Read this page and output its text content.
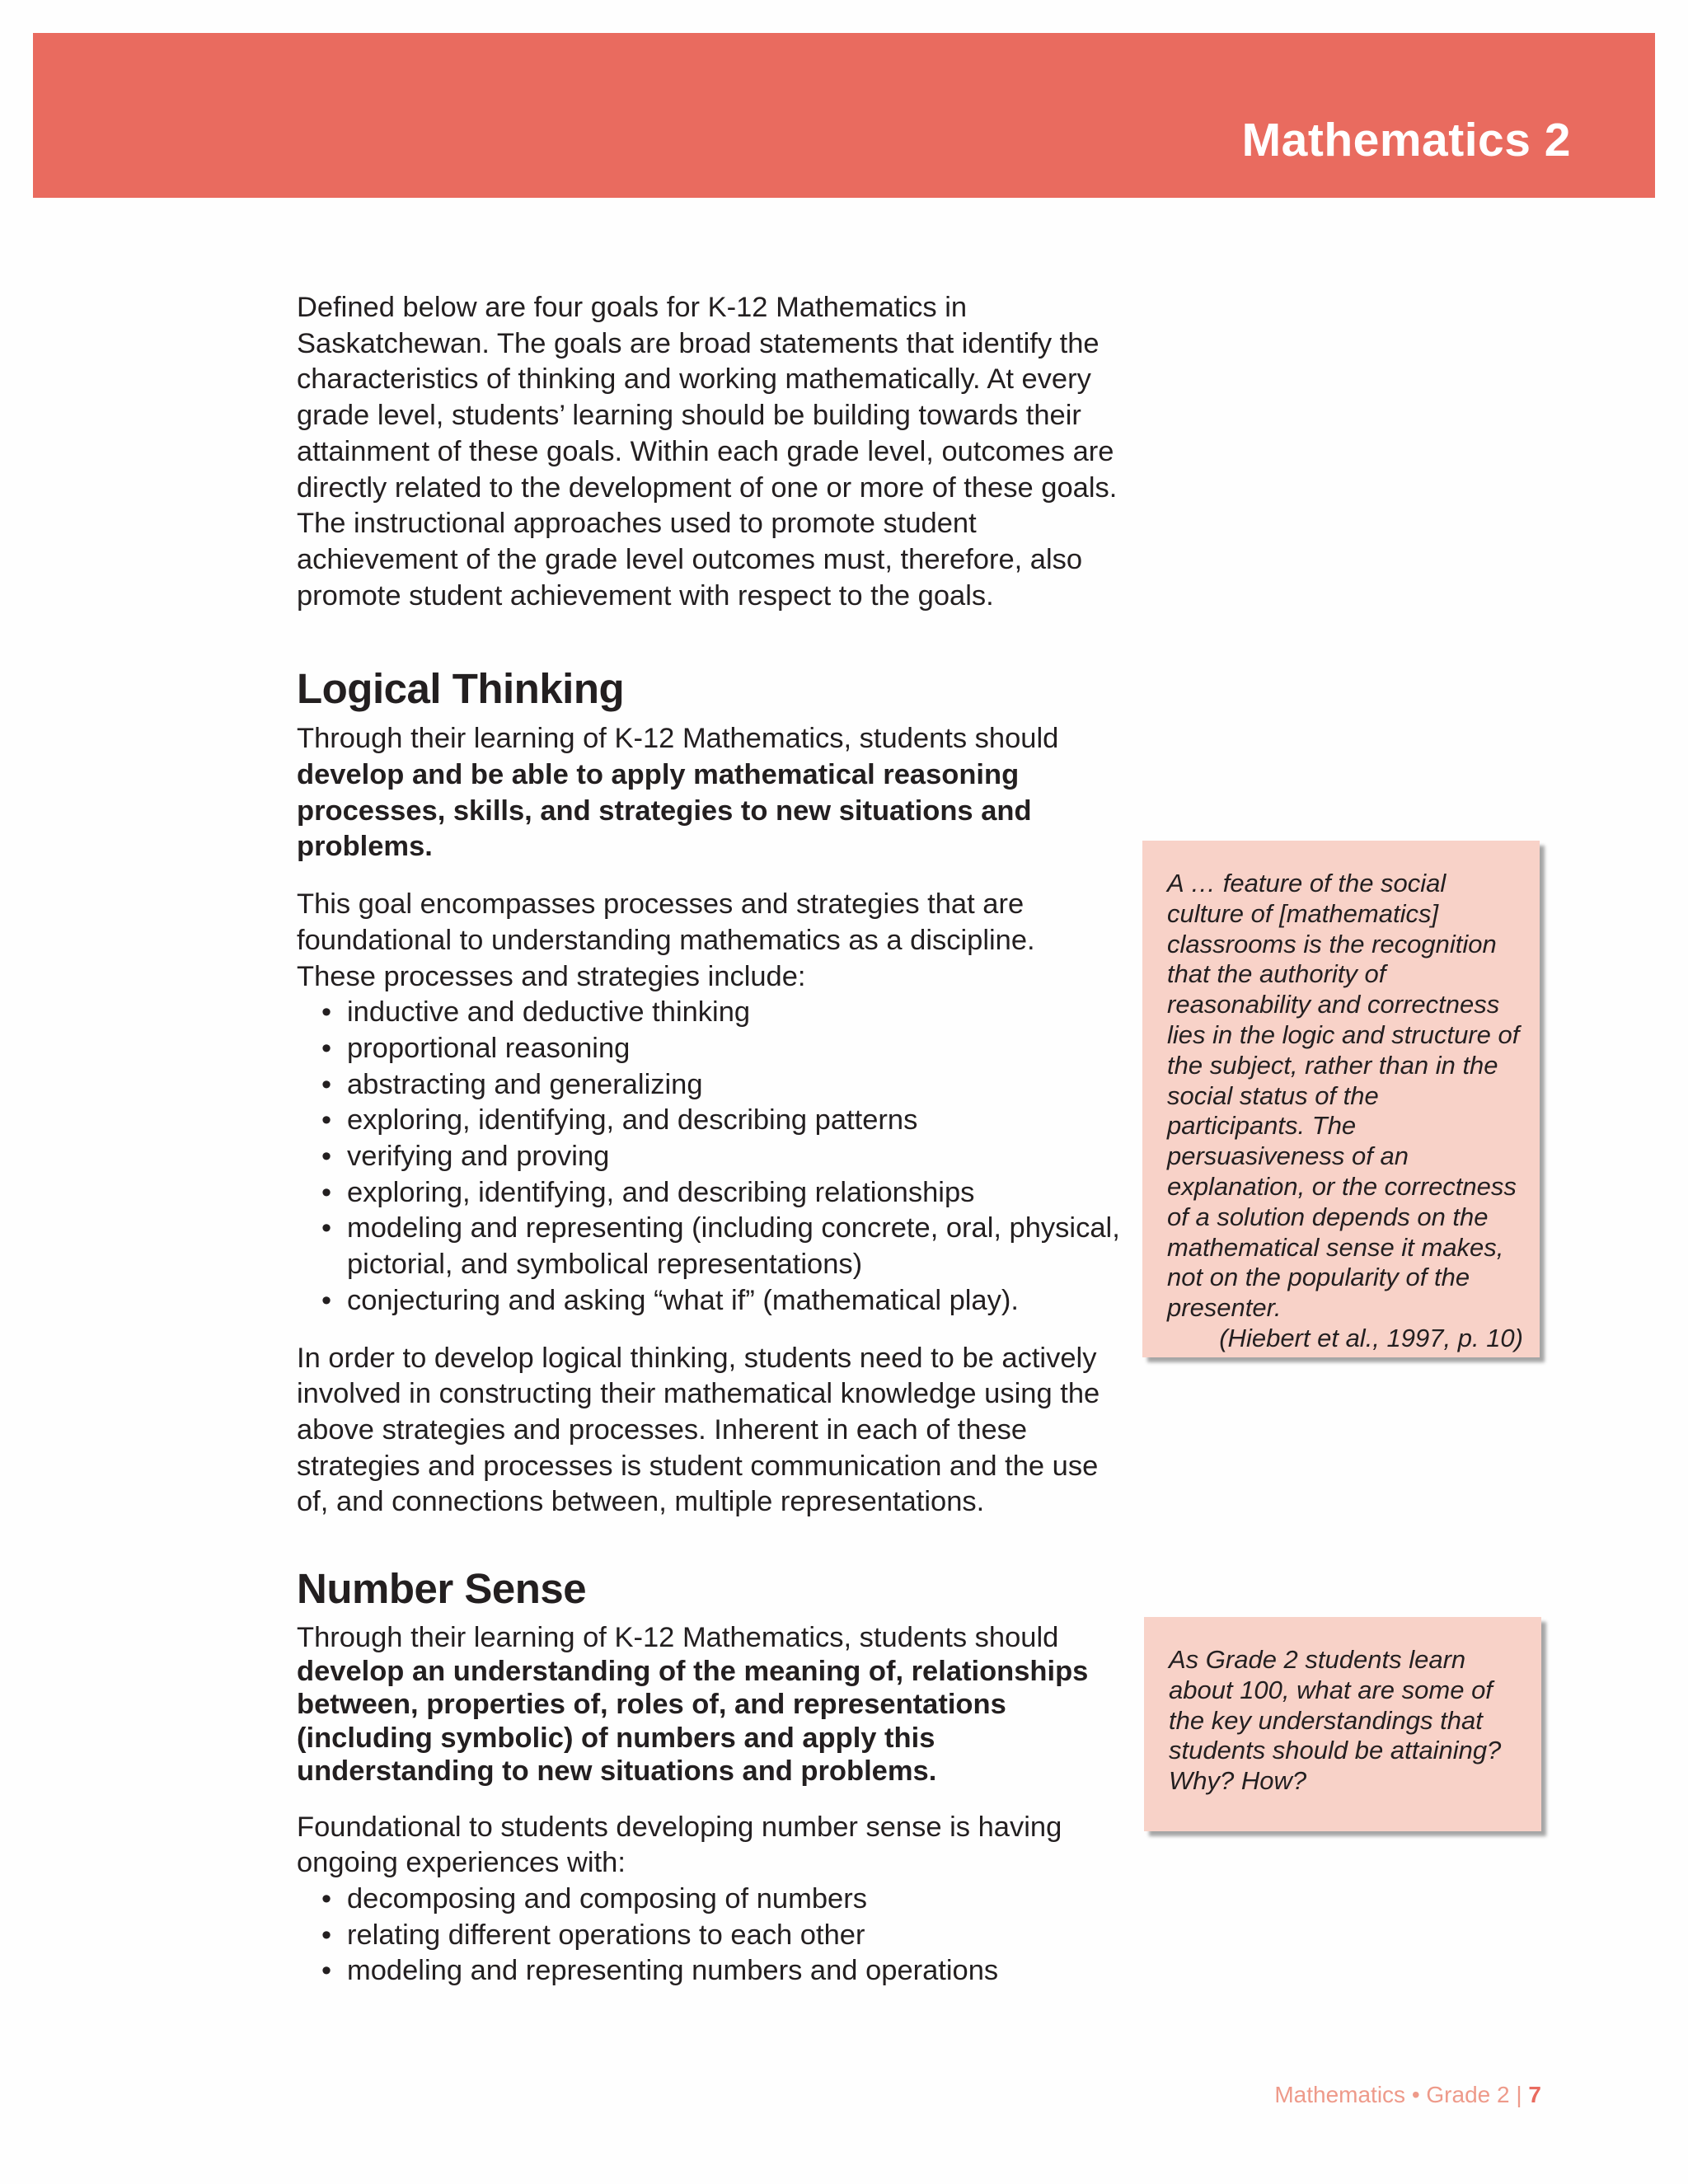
Mathematics 2

Defined below are four goals for K-12 Mathematics in Saskatchewan. The goals are broad statements that identify the characteristics of thinking and working mathematically. At every grade level, students’ learning should be building towards their attainment of these goals. Within each grade level, outcomes are directly related to the development of one or more of these goals. The instructional approaches used to promote student achievement of the grade level outcomes must, therefore, also promote student achievement with respect to the goals.

Logical Thinking

Through their learning of K-12 Mathematics, students should develop and be able to apply mathematical reasoning processes, skills, and strategies to new situations and problems.

This goal encompasses processes and strategies that are foundational to understanding mathematics as a discipline. These processes and strategies include:

• inductive and deductive thinking
• proportional reasoning
• abstracting and generalizing
• exploring, identifying, and describing patterns
• verifying and proving
• exploring, identifying, and describing relationships
• modeling and representing (including concrete, oral, physical, pictorial, and symbolical representations)
• conjecturing and asking “what if” (mathematical play).

In order to develop logical thinking, students need to be actively involved in constructing their mathematical knowledge using the above strategies and processes. Inherent in each of these strategies and processes is student communication and the use of, and connections between, multiple representations.

Number Sense

Through their learning of K-12 Mathematics, students should develop an understanding of the meaning of, relationships between, properties of, roles of, and representations (including symbolic) of numbers and apply this understanding to new situations and problems.

Foundational to students developing number sense is having ongoing experiences with:

• decomposing and composing of numbers
• relating different operations to each other
• modeling and representing numbers and operations

A … feature of the social culture of [mathematics] classrooms is the recognition that the authority of reasonability and correctness lies in the logic and structure of the subject, rather than in the social status of the participants. The persuasiveness of an explanation, or the correctness of a solution depends on the mathematical sense it makes, not on the popularity of the presenter.

(Hiebert et al., 1997, p. 10)

As Grade 2 students learn about 100, what are some of the key understandings that students should be attaining? Why? How?

Mathematics • Grade 2 | 7
